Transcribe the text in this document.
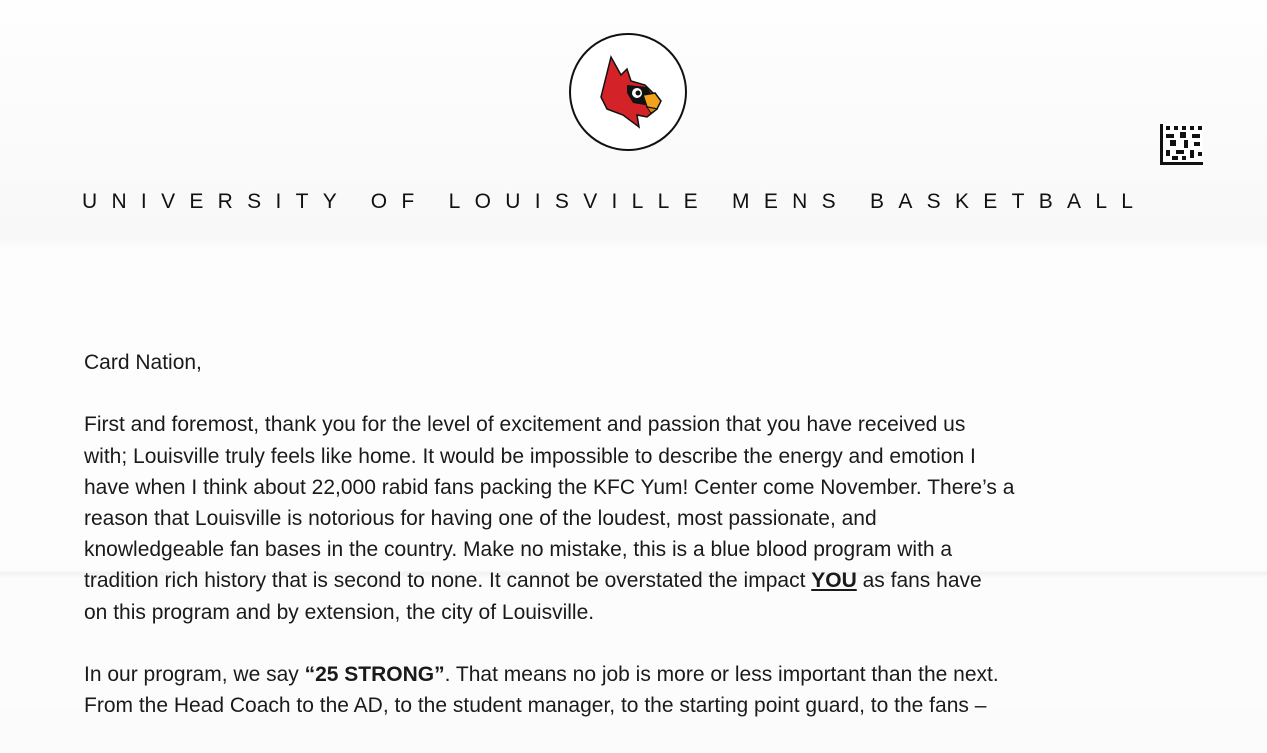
UNIVERSITY OF LOUISVILLE MENS BASKETBALL

Card Nation,

First and foremost, thank you for the level of excitement and passion that you have received us
with; Louisville truly feels like home. It would be impossible to describe the energy and emotion I
have when I think about 22,000 rabid fans packing the KFC Yum! Center come November. There’s a
reason that Louisville is notorious for having one of the loudest, most passionate, and
knowledgeable fan bases in the country. Make no mistake, this is a blue blood program with a
tradition rich history that is second to none. It cannot be overstated the impact YOU as fans have
on this program and by extension, the city of Louisville.

In our program, we say “25 STRONG”. That means no job is more or less important than the next.
From the Head Coach to the AD, to the student manager, to the starting point guard, to the fans –
